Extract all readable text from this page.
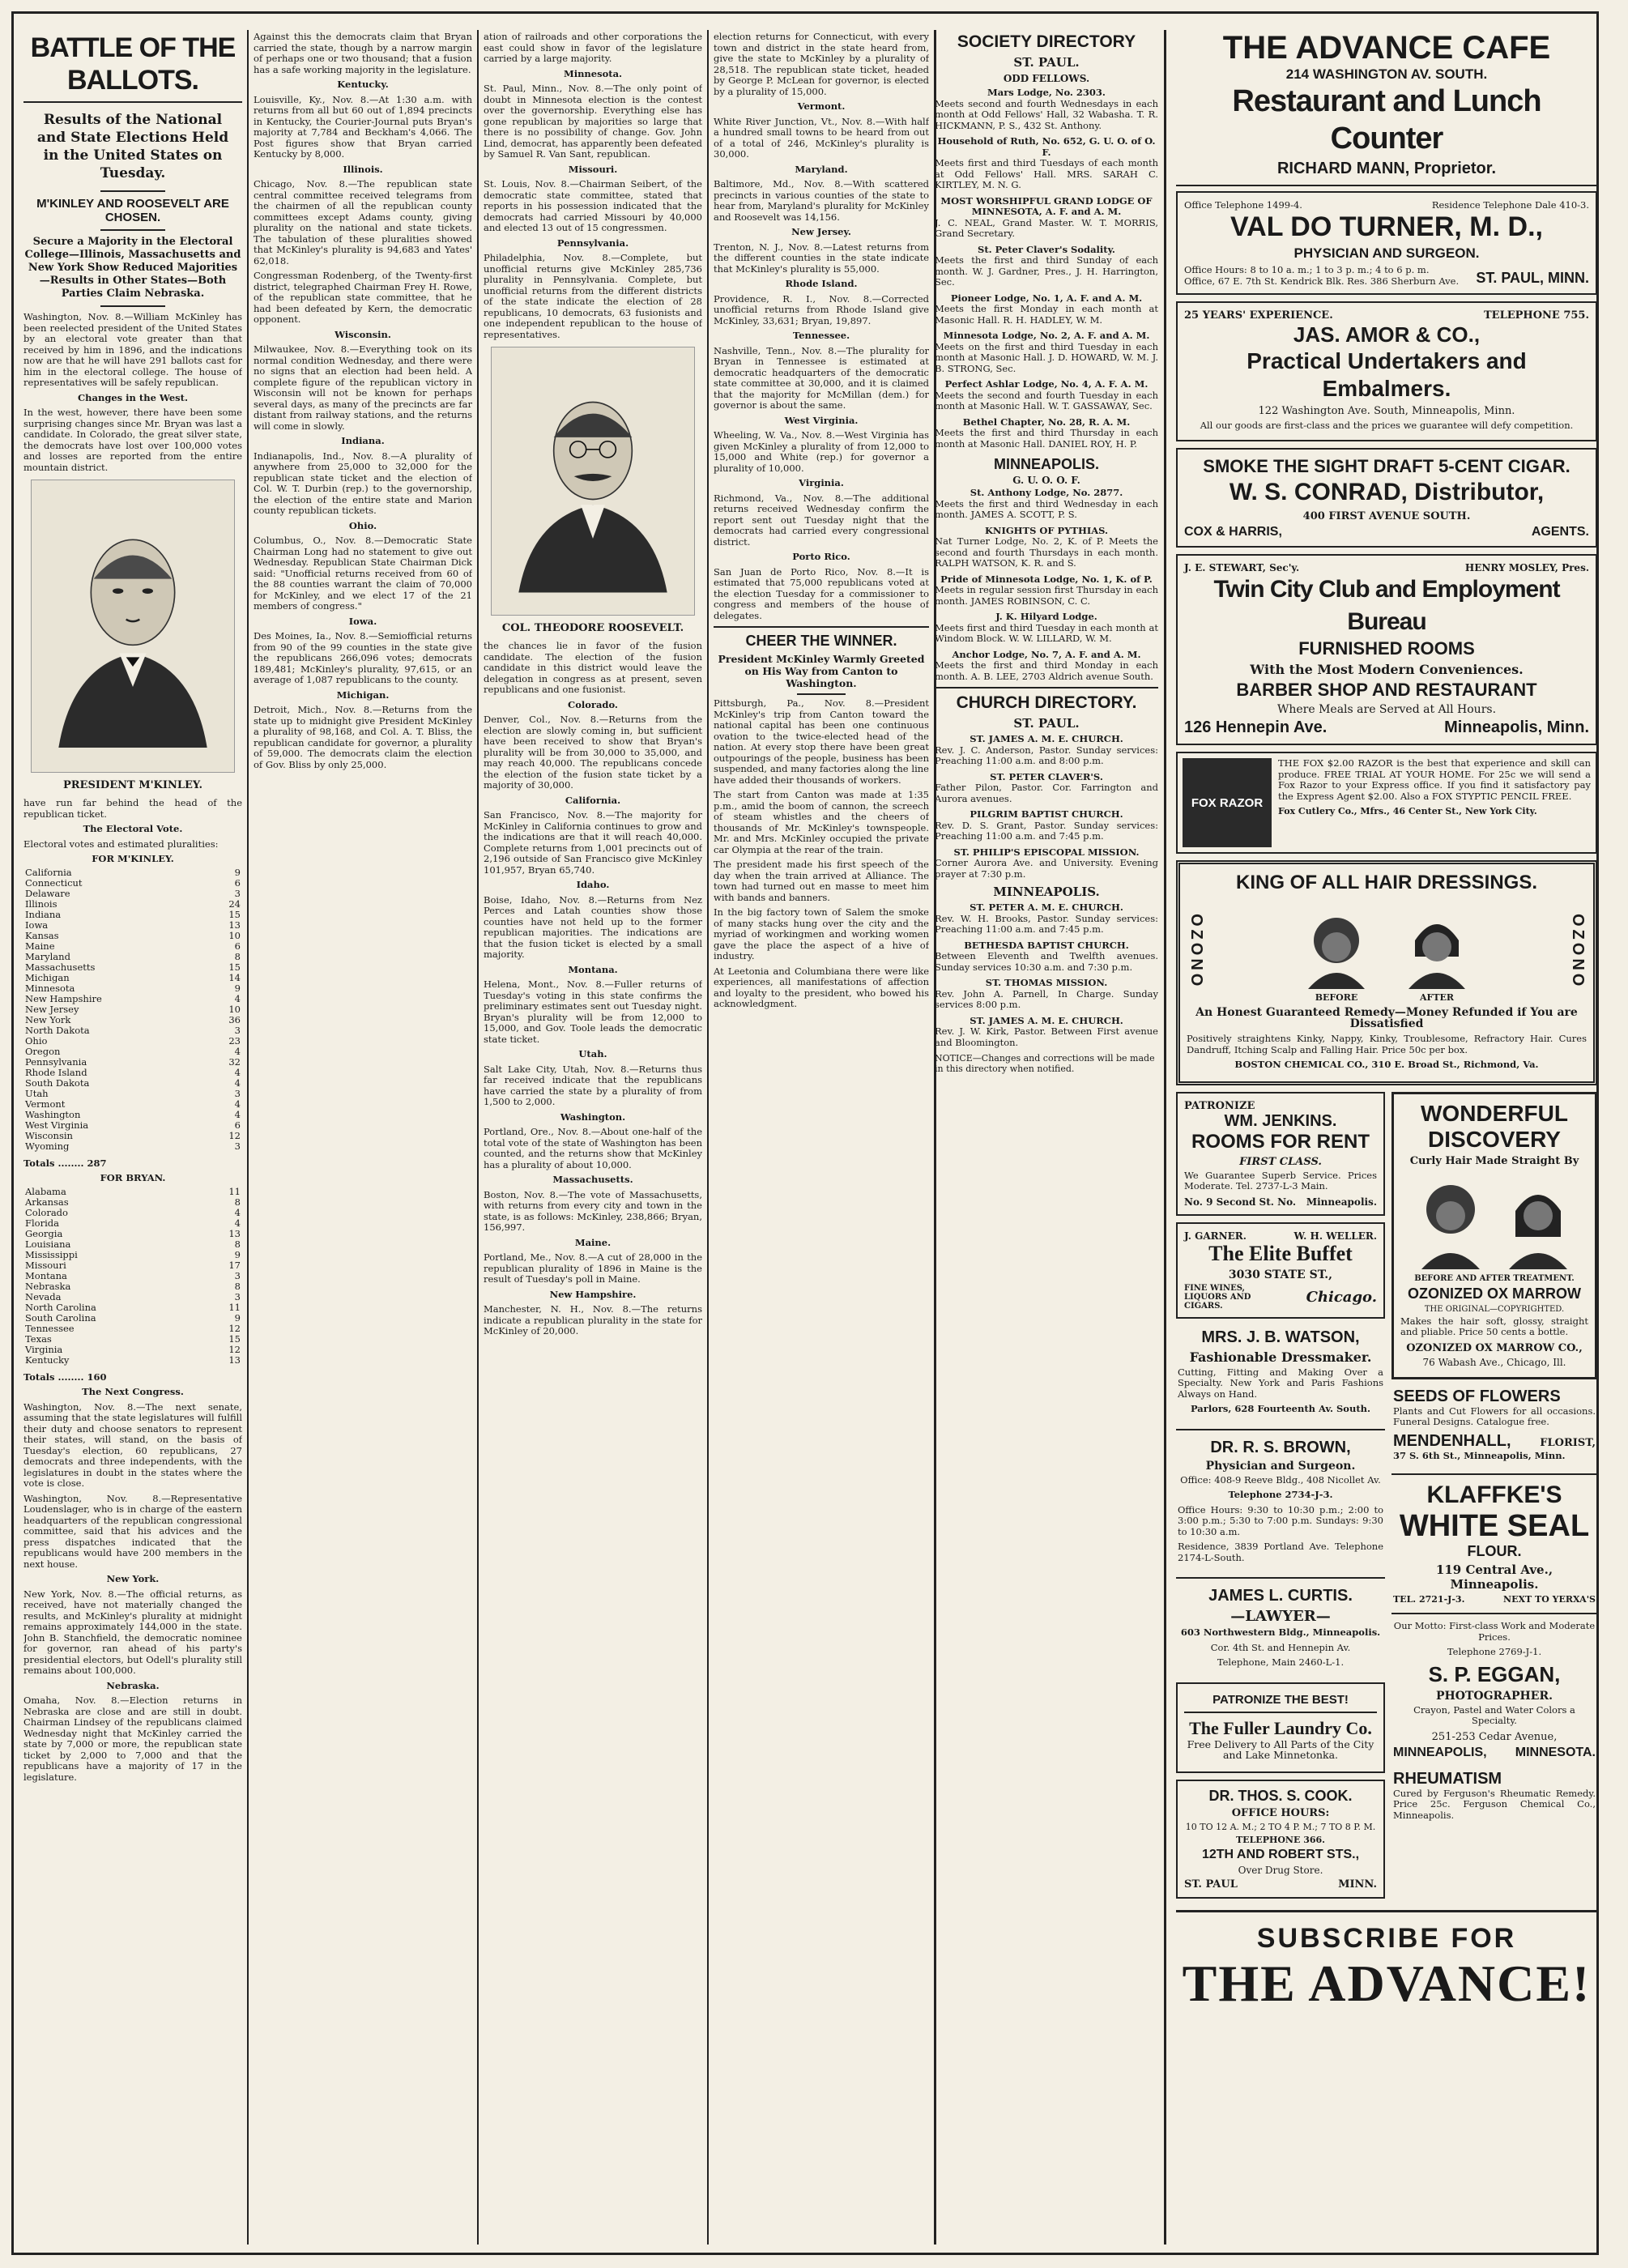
BATTLE OF THE BALLOTS.

Results of the National and State Elections Held in the United States on Tuesday.

M'KINLEY AND ROOSEVELT ARE CHOSEN.

Secure a Majority in the Electoral College—Illinois, Massachusetts and New York Show Reduced Majorities—Results in Other States—Both Parties Claim Nebraska.

Washington, Nov. 8.—William McKinley has been reelected president of the United States by an electoral vote greater than that received by him in 1896, and the indications now are that he will have 291 ballots cast for him in the electoral college. The house of representatives will be safely republican.

Changes in the West.

In the west, however, there have been some surprising changes since Mr. Bryan was last a candidate. In Colorado, the great silver state, the democrats have lost over 100,000 votes and losses are reported from the entire mountain district.

PRESIDENT M'KINLEY.

have run far behind the head of the republican ticket.

The Electoral Vote.

Electoral votes and estimated pluralities:

FOR M'KINLEY.

California	9
Connecticut	6
Delaware	3
Illinois	24
Indiana	15
Iowa	13
Kansas	10
Maine	6
Maryland	8
Massachusetts	15
Michigan	14
Minnesota	9
New Hampshire	4
New Jersey	10
New York	36
North Dakota	3
Ohio	23
Oregon	4
Pennsylvania	32
Rhode Island	4
South Dakota	4
Utah	3
Vermont	4
Washington	4
West Virginia	6
Wisconsin	12
Wyoming	3

Totals ........ 287

FOR BRYAN.

Alabama	11
Arkansas	8
Colorado	4
Florida	4
Georgia	13
Louisiana	8
Mississippi	9
Missouri	17
Montana	3
Nebraska	8
Nevada	3
North Carolina	11
South Carolina	9
Tennessee	12
Texas	15
Virginia	12
Kentucky	13

Totals ........ 160

The Next Congress.

Washington, Nov. 8.—The next senate, assuming that the state legislatures will fulfill their duty and choose senators to represent their states, will stand, on the basis of Tuesday's election, 60 republicans, 27 democrats and three independents, with the legislatures in doubt in the states where the vote is close.

Washington, Nov. 8.—Representative Loudenslager, who is in charge of the eastern headquarters of the republican congressional committee, said that his advices and the press dispatches indicated that the republicans would have 200 members in the next house.

New York.

New York, Nov. 8.—The official returns, as received, have not materially changed the results, and McKinley's plurality at midnight remains approximately 144,000 in the state. John B. Stanchfield, the democratic nominee for governor, ran ahead of his party's presidential electors, but Odell's plurality still remains about 100,000.

Nebraska.

Omaha, Nov. 8.—Election returns in Nebraska are close and are still in doubt. Chairman Lindsey of the republicans claimed Wednesday night that McKinley carried the state by 7,000 or more, the republican state ticket by 2,000 to 7,000 and that the republicans have a majority of 17 in the legislature.

Against this the democrats claim that Bryan carried the state, though by a narrow margin of perhaps one or two thousand; that a fusion has a safe working majority in the legislature.

Kentucky.

Louisville, Ky., Nov. 8.—At 1:30 a.m. with returns from all but 60 out of 1,894 precincts in Kentucky, the Courier-Journal puts Bryan's majority at 7,784 and Beckham's 4,066. The Post figures show that Bryan carried Kentucky by 8,000.

Illinois.

Chicago, Nov. 8.—The republican state central committee received telegrams from the chairmen of all the republican county committees except Adams county, giving plurality on the national and state tickets. The tabulation of these pluralities showed that McKinley's plurality is 94,683 and Yates' 62,018.

Congressman Rodenberg, of the Twenty-first district, telegraphed Chairman Frey H. Rowe, of the republican state committee, that he had been defeated by Kern, the democratic opponent.

Wisconsin.

Milwaukee, Nov. 8.—Everything took on its normal condition Wednesday, and there were no signs that an election had been held. A complete figure of the republican victory in Wisconsin will not be known for perhaps several days, as many of the precincts are far distant from railway stations, and the returns will come in slowly.

Indiana.

Indianapolis, Ind., Nov. 8.—A plurality of anywhere from 25,000 to 32,000 for the republican state ticket and the election of Col. W. T. Durbin (rep.) to the governorship, the election of the entire state and Marion county republican tickets.

Ohio.

Columbus, O., Nov. 8.—Democratic State Chairman Long had no statement to give out Wednesday. Republican State Chairman Dick said: "Unofficial returns received from 60 of the 88 counties warrant the claim of 70,000 for McKinley, and we elect 17 of the 21 members of congress."

Iowa.

Des Moines, Ia., Nov. 8.—Semiofficial returns from 90 of the 99 counties in the state give the republicans 266,096 votes; democrats 189,481; McKinley's plurality, 97,615, or an average of 1,087 republicans to the county.

Michigan.

Detroit, Mich., Nov. 8.—Returns from the state up to midnight give President McKinley a plurality of 98,168, and Col. A. T. Bliss, the republican candidate for governor, a plurality of 59,000. The democrats claim the election of Gov. Bliss by only 25,000.

ation of railroads and other corporations the east could show in favor of the legislature carried by a large majority.

Minnesota.

St. Paul, Minn., Nov. 8.—The only point of doubt in Minnesota election is the contest over the governorship. Everything else has gone republican by majorities so large that there is no possibility of change. Gov. John Lind, democrat, has apparently been defeated by Samuel R. Van Sant, republican.

Missouri.

St. Louis, Nov. 8.—Chairman Seibert, of the democratic state committee, stated that reports in his possession indicated that the democrats had carried Missouri by 40,000 and elected 13 out of 15 congressmen.

Pennsylvania.

Philadelphia, Nov. 8.—Complete, but unofficial returns give McKinley 285,736 plurality in Pennsylvania. Complete, but unofficial returns from the different districts of the state indicate the election of 28 republicans, 10 democrats, 63 fusionists and one independent republican to the house of representatives.

COL. THEODORE ROOSEVELT.

the chances lie in favor of the fusion candidate. The election of the fusion candidate in this district would leave the delegation in congress as at present, seven republicans and one fusionist.

Colorado.

Denver, Col., Nov. 8.—Returns from the election are slowly coming in, but sufficient have been received to show that Bryan's plurality will be from 30,000 to 35,000, and may reach 40,000. The republicans concede the election of the fusion state ticket by a majority of 30,000.

California.

San Francisco, Nov. 8.—The majority for McKinley in California continues to grow and the indications are that it will reach 40,000. Complete returns from 1,001 precincts out of 2,196 outside of San Francisco give McKinley 101,957, Bryan 65,740.

Idaho.

Boise, Idaho, Nov. 8.—Returns from Nez Perces and Latah counties show those counties have not held up to the former republican majorities. The indications are that the fusion ticket is elected by a small majority.

Montana.

Helena, Mont., Nov. 8.—Fuller returns of Tuesday's voting in this state confirms the preliminary estimates sent out Tuesday night. Bryan's plurality will be from 12,000 to 15,000, and Gov. Toole leads the democratic state ticket.

Utah.

Salt Lake City, Utah, Nov. 8.—Returns thus far received indicate that the republicans have carried the state by a plurality of from 1,500 to 2,000.

Washington.

Portland, Ore., Nov. 8.—About one-half of the total vote of the state of Washington has been counted, and the returns show that McKinley has a plurality of about 10,000.

Massachusetts.

Boston, Nov. 8.—The vote of Massachusetts, with returns from every city and town in the state, is as follows: McKinley, 238,866; Bryan, 156,997.

Maine.

Portland, Me., Nov. 8.—A cut of 28,000 in the republican plurality of 1896 in Maine is the result of Tuesday's poll in Maine.

New Hampshire.

Manchester, N. H., Nov. 8.—The returns indicate a republican plurality in the state for McKinley of 20,000.

election returns for Connecticut, with every town and district in the state heard from, give the state to McKinley by a plurality of 28,518. The republican state ticket, headed by George P. McLean for governor, is elected by a plurality of 15,000.

Vermont.

White River Junction, Vt., Nov. 8.—With half a hundred small towns to be heard from out of a total of 246, McKinley's plurality is 30,000.

Maryland.

Baltimore, Md., Nov. 8.—With scattered precincts in various counties of the state to hear from, Maryland's plurality for McKinley and Roosevelt was 14,156.

New Jersey.

Trenton, N. J., Nov. 8.—Latest returns from the different counties in the state indicate that McKinley's plurality is 55,000.

Rhode Island.

Providence, R. I., Nov. 8.—Corrected unofficial returns from Rhode Island give McKinley, 33,631; Bryan, 19,897.

Tennessee.

Nashville, Tenn., Nov. 8.—The plurality for Bryan in Tennessee is estimated at democratic headquarters of the democratic state committee at 30,000, and it is claimed that the majority for McMillan (dem.) for governor is about the same.

West Virginia.

Wheeling, W. Va., Nov. 8.—West Virginia has given McKinley a plurality of from 12,000 to 15,000 and White (rep.) for governor a plurality of 10,000.

Virginia.

Richmond, Va., Nov. 8.—The additional returns received Wednesday confirm the report sent out Tuesday night that the democrats had carried every congressional district.

Porto Rico.

San Juan de Porto Rico, Nov. 8.—It is estimated that 75,000 republicans voted at the election Tuesday for a commissioner to congress and members of the house of delegates.

CHEER THE WINNER.

President McKinley Warmly Greeted on His Way from Canton to Washington.

Pittsburgh, Pa., Nov. 8.—President McKinley's trip from Canton toward the national capital has been one continuous ovation to the twice-elected head of the nation. At every stop there have been great outpourings of the people, business has been suspended, and many factories along the line have added their thousands of workers.

The start from Canton was made at 1:35 p.m., amid the boom of cannon, the screech of steam whistles and the cheers of thousands of Mr. McKinley's townspeople. Mr. and Mrs. McKinley occupied the private car Olympia at the rear of the train.

The president made his first speech of the day when the train arrived at Alliance. The town had turned out en masse to meet him with bands and banners.

In the big factory town of Salem the smoke of many stacks hung over the city and the myriad of workingmen and working women gave the place the aspect of a hive of industry.

At Leetonia and Columbiana there were like experiences, all manifestations of affection and loyalty to the president, who bowed his acknowledgment.

THE ADVANCE CAFE

214 WASHINGTON AV. SOUTH.

Restaurant and Lunch Counter

RICHARD MANN, Proprietor.

Office Telephone 1499-4.	Residence Telephone Dale 410-3.

VAL DO TURNER, M. D.,

PHYSICIAN AND SURGEON.

Office Hours: 8 to 10 a. m.; 1 to 3 p. m.; 4 to 6 p. m.
Office, 67 E. 7th St. Kendrick Blk. Res. 386 Sherburn Ave. ST. PAUL, MINN.
25 YEARS' EXPERIENCE.	TELEPHONE 755.

JAS. AMOR & CO.,

Practical Undertakers and Embalmers.

122 Washington Ave. South, Minneapolis, Minn.

All our goods are first-class and the prices we guarantee will defy competition.

SMOKE THE SIGHT DRAFT 5-CENT CIGAR.

W. S. CONRAD, Distributor,

400 FIRST AVENUE SOUTH.

COX & HARRIS,	AGENTS.
J. E. STEWART, Sec'y.	HENRY MOSLEY, Pres.

Twin City Club and Employment Bureau

FURNISHED ROOMS

With the Most Modern Conveniences.

BARBER SHOP AND RESTAURANT

Where Meals are Served at All Hours.

126 Hennepin Ave.	Minneapolis, Minn.
FOX RAZOR

THE FOX $2.00 RAZOR is the best that experience and skill can produce. FREE TRIAL AT YOUR HOME. For 25c we will send a Fox Razor to your Express office. If you find it satisfactory pay the Express Agent $2.00. Also a FOX STYPTIC PENCIL FREE.

Fox Cutlery Co., Mfrs., 46 Center St., New York City.

KING OF ALL HAIR DRESSINGS.

OZONO
BEFORE	AFTER
OZONO

An Honest Guaranteed Remedy—Money Refunded if You are Dissatisfied

Positively straightens Kinky, Nappy, Kinky, Troublesome, Refractory Hair. Cures Dandruff, Itching Scalp and Falling Hair. Price 50c per box.

BOSTON CHEMICAL CO., 310 E. Broad St., Richmond, Va.

PATRONIZE

WM. JENKINS.

ROOMS FOR RENT

FIRST CLASS.

We Guarantee Superb Service. Prices Moderate. Tel. 2737-L-3 Main.

No. 9 Second St. No. Minneapolis.
J. GARNER.	W. H. WELLER.

The Elite Buffet

3030 STATE ST.,

FINE WINES, LIQUORS AND CIGARS.
Chicago.

MRS. J. B. WATSON,

Fashionable Dressmaker.

Cutting, Fitting and Making Over a Specialty. New York and Paris Fashions Always on Hand.

Parlors, 628 Fourteenth Av. South.

DR. R. S. BROWN,

Physician and Surgeon.

Office: 408-9 Reeve Bldg., 408 Nicollet Av.

Telephone 2734-J-3.

Office Hours: 9:30 to 10:30 p.m.; 2:00 to 3:00 p.m.; 5:30 to 7:00 p.m. Sundays: 9:30 to 10:30 a.m.

Residence, 3839 Portland Ave. Telephone 2174-L-South.

JAMES L. CURTIS.

—LAWYER—

603 Northwestern Bldg., Minneapolis.

Cor. 4th St. and Hennepin Av.

Telephone, Main 2460-L-1.

PATRONIZE THE BEST!

The Fuller Laundry Co.

Free Delivery to All Parts of the City and Lake Minnetonka.

DR. THOS. S. COOK.

OFFICE HOURS:

10 TO 12 A. M.; 2 TO 4 P. M.; 7 TO 8 P. M.

TELEPHONE 366.

12TH AND ROBERT STS.,

Over Drug Store.

ST. PAUL	MINN.

WONDERFUL DISCOVERY

Curly Hair Made Straight By

BEFORE AND AFTER TREATMENT.

OZONIZED OX MARROW

THE ORIGINAL—COPYRIGHTED.

Makes the hair soft, glossy, straight and pliable. Price 50 cents a bottle.

OZONIZED OX MARROW CO.,

76 Wabash Ave., Chicago, Ill.

SEEDS OF FLOWERS

Plants and Cut Flowers for all occasions. Funeral Designs. Catalogue free.

MENDENHALL,	FLORIST,

37 S. 6th St., Minneapolis, Minn.

KLAFFKE'S

WHITE SEAL

FLOUR.

119 Central Ave., Minneapolis.

TEL. 2721-J-3.	NEXT TO YERXA'S

Our Motto: First-class Work and Moderate Prices.

Telephone 2769-J-1.

S. P. EGGAN,

PHOTOGRAPHER.

Crayon, Pastel and Water Colors a Specialty.

251-253 Cedar Avenue,

MINNEAPOLIS, MINNESOTA.

RHEUMATISM

Cured by Ferguson's Rheumatic Remedy. Price 25c. Ferguson Chemical Co., Minneapolis.

SUBSCRIBE FOR

THE ADVANCE!

SOCIETY DIRECTORY
ST. PAUL.
ODD FELLOWS.
Mars Lodge, No. 2303.
Meets second and fourth Wednesdays in each month at Odd Fellows' Hall, 32 Wabasha. T. R. HICKMANN, P. S., 432 St. Anthony.
Household of Ruth, No. 652, G. U. O. of O. F.
Meets first and third Tuesdays of each month at Odd Fellows' Hall. MRS. SARAH C. KIRTLEY, M. N. G.
MOST WORSHIPFUL GRAND LODGE OF MINNESOTA, A. F. and A. M.
J. C. NEAL, Grand Master. W. T. MORRIS, Grand Secretary.
St. Peter Claver's Sodality.
Meets the first and third Sunday of each month. W. J. Gardner, Pres., J. H. Harrington, Sec.
Pioneer Lodge, No. 1, A. F. and A. M.
Meets the first Monday in each month at Masonic Hall. R. H. HADLEY, W. M.
Minnesota Lodge, No. 2, A. F. and A. M.
Meets on the first and third Tuesday in each month at Masonic Hall. J. D. HOWARD, W. M. J. B. STRONG, Sec.
Perfect Ashlar Lodge, No. 4, A. F. A. M.
Meets the second and fourth Tuesday in each month at Masonic Hall. W. T. GASSAWAY, Sec.
Bethel Chapter, No. 28, R. A. M.
Meets the first and third Thursday in each month at Masonic Hall. DANIEL ROY, H. P.
MINNEAPOLIS.
G. U. O. O. F.
St. Anthony Lodge, No. 2877.
Meets the first and third Wednesday in each month. JAMES A. SCOTT, P. S.
KNIGHTS OF PYTHIAS.
Nat Turner Lodge, No. 2, K. of P. Meets the second and fourth Thursdays in each month. RALPH WATSON, K. R. and S.
Pride of Minnesota Lodge, No. 1, K. of P.
Meets in regular session first Thursday in each month. JAMES ROBINSON, C. C.
J. K. Hilyard Lodge.
Meets first and third Tuesday in each month at Windom Block. W. W. LILLARD, W. M.
Anchor Lodge, No. 7, A. F. and A. M.
Meets the first and third Monday in each month. A. B. LEE, 2703 Aldrich avenue South.
CHURCH DIRECTORY.
ST. PAUL.
ST. JAMES A. M. E. CHURCH.
Rev. J. C. Anderson, Pastor. Sunday services: Preaching 11:00 a.m. and 8:00 p.m.
ST. PETER CLAVER'S.
Father Pilon, Pastor. Cor. Farrington and Aurora avenues.
PILGRIM BAPTIST CHURCH.
Rev. D. S. Grant, Pastor. Sunday services: Preaching 11:00 a.m. and 7:45 p.m.
ST. PHILIP'S EPISCOPAL MISSION.
Corner Aurora Ave. and University. Evening prayer at 7:30 p.m.
MINNEAPOLIS.
ST. PETER A. M. E. CHURCH.
Rev. W. H. Brooks, Pastor. Sunday services: Preaching 11:00 a.m. and 7:45 p.m.
BETHESDA BAPTIST CHURCH.
Between Eleventh and Twelfth avenues. Sunday services 10:30 a.m. and 7:30 p.m.
ST. THOMAS MISSION.
Rev. John A. Parnell, In Charge. Sunday services 8:00 p.m.
ST. JAMES A. M. E. CHURCH.
Rev. J. W. Kirk, Pastor. Between First avenue and Bloomington.
NOTICE—Changes and corrections will be made in this directory when notified.
